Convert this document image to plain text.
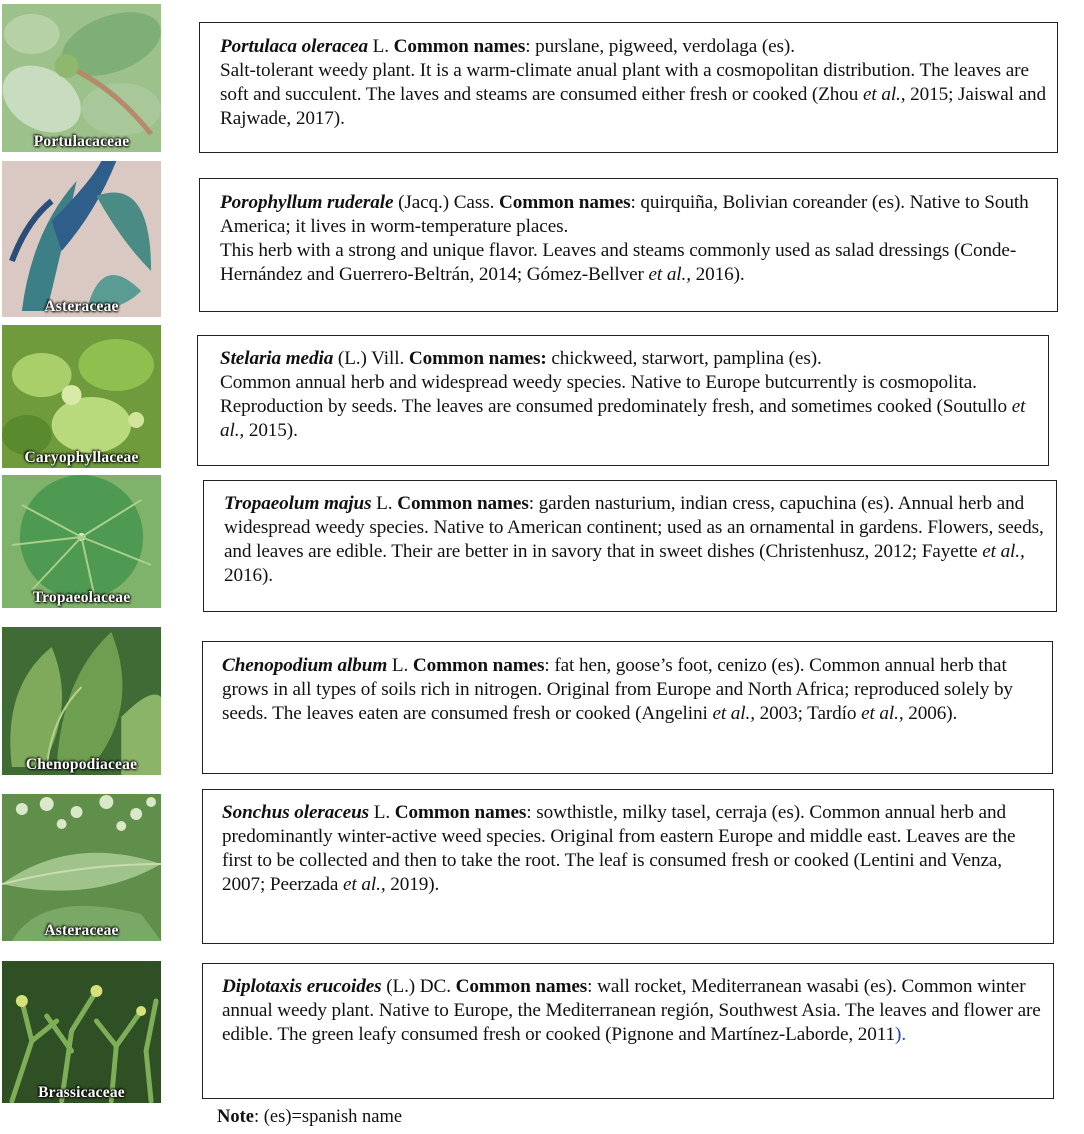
Portulacaceae
Portulaca oleracea L. Common names: purslane, pigweed, verdolaga (es).

Salt-tolerant weedy plant. It is a warm-climate anual plant with a cosmopolitan distribution. The leaves are soft and succulent. The laves and steams are consumed either fresh or cooked (Zhou et al., 2015; Jaiswal and Rajwade, 2017).

Asteraceae
Porophyllum ruderale (Jacq.) Cass. Common names: quirquiña, Bolivian coreander (es). Native to South America; it lives in worm-temperature places.

This herb with a strong and unique flavor. Leaves and steams commonly used as salad dressings (Conde-Hernández and Guerrero-Beltrán, 2014; Gómez-Bellver et al., 2016).

Caryophyllaceae
Stelaria media (L.) Vill. Common names: chickweed, starwort, pamplina (es).

Common annual herb and widespread weedy species. Native to Europe butcurrently is cosmopolita. Reproduction by seeds. The leaves are consumed predominately fresh, and sometimes cooked (Soutullo et al., 2015).

Tropaeolaceae
Tropaeolum majus L. Common names: garden nasturium, indian cress, capuchina (es). Annual herb and widespread weedy species. Native to American continent; used as an ornamental in gardens. Flowers, seeds, and leaves are edible. Their are better in in savory that in sweet dishes (Christenhusz, 2012; Fayette et al., 2016).
Chenopodiaceae
Chenopodium album L. Common names: fat hen, goose’s foot, cenizo (es). Common annual herb that grows in all types of soils rich in nitrogen. Original from Europe and North Africa; reproduced solely by seeds. The leaves eaten are consumed fresh or cooked (Angelini et al., 2003; Tardío et al., 2006).
Asteraceae
Sonchus oleraceus L. Common names: sowthistle, milky tasel, cerraja (es). Common annual herb and predominantly winter-active weed species. Original from eastern Europe and middle east. Leaves are the first to be collected and then to take the root. The leaf is consumed fresh or cooked (Lentini and Venza, 2007; Peerzada et al., 2019).
Brassicaceae
Diplotaxis erucoides (L.) DC. Common names: wall rocket, Mediterranean wasabi (es). Common winter annual weedy plant. Native to Europe, the Mediterranean región, Southwest Asia. The leaves and flower are edible. The green leafy consumed fresh or cooked (Pignone and Martínez-Laborde, 2011).
Note: (es)=spanish name
